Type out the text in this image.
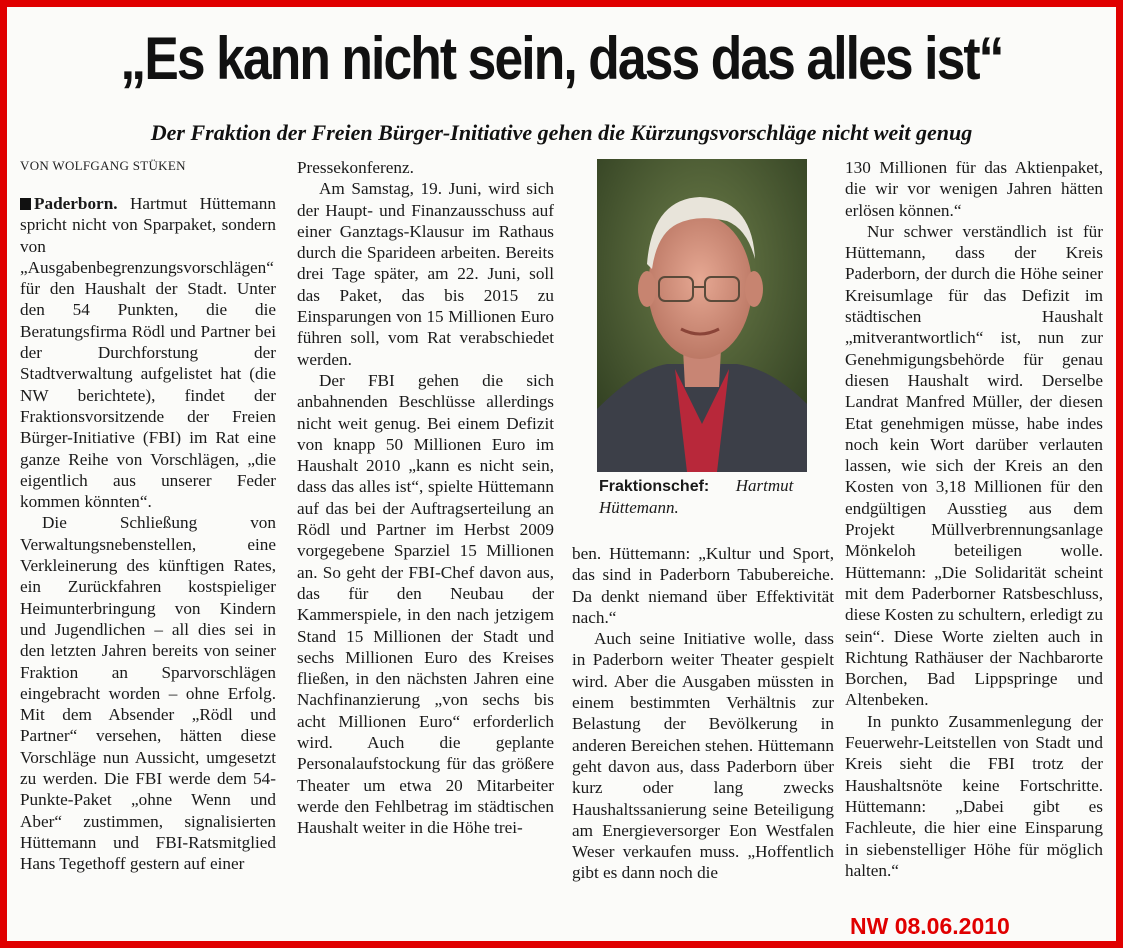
„Es kann nicht sein, dass das alles ist“
Der Fraktion der Freien Bürger-Initiative gehen die Kürzungsvorschläge nicht weit genug
VON WOLFGANG STÜKEN

Paderborn. Hartmut Hüttemann spricht nicht von Sparpaket, sondern von „Ausgabenbegrenzungsvorschlägen“ für den Haushalt der Stadt. Unter den 54 Punkten, die die Beratungsfirma Rödl und Partner bei der Durchforstung der Stadtverwaltung aufgelistet hat (die NW berichtete), findet der Fraktionsvorsitzende der Freien Bürger-Initiative (FBI) im Rat eine ganze Reihe von Vorschlägen, „die eigentlich aus unserer Feder kommen könnten“.

Die Schließung von Verwaltungsnebenstellen, eine Verkleinerung des künftigen Rates, ein Zurückfahren kostspieliger Heimunterbringung von Kindern und Jugendlichen – all dies sei in den letzten Jahren bereits von seiner Fraktion an Sparvorschlägen eingebracht worden – ohne Erfolg. Mit dem Absender „Rödl und Partner“ versehen, hätten diese Vorschläge nun Aussicht, umgesetzt zu werden. Die FBI werde dem 54-Punkte-Paket „ohne Wenn und Aber“ zustimmen, signalisierten Hüttemann und FBI-Ratsmitglied Hans Tegethoff gestern auf einer

Pressekonferenz.

Am Samstag, 19. Juni, wird sich der Haupt- und Finanzausschuss auf einer Ganztags-Klausur im Rathaus durch die Sparideen arbeiten. Bereits drei Tage später, am 22. Juni, soll das Paket, das bis 2015 zu Einsparungen von 15 Millionen Euro führen soll, vom Rat verabschiedet werden.

Der FBI gehen die sich anbahnenden Beschlüsse allerdings nicht weit genug. Bei einem Defizit von knapp 50 Millionen Euro im Haushalt 2010 „kann es nicht sein, dass das alles ist“, spielte Hüttemann auf das bei der Auftragserteilung an Rödl und Partner im Herbst 2009 vorgegebene Sparziel 15 Millionen an. So geht der FBI-Chef davon aus, das für den Neubau der Kammerspiele, in den nach jetzigem Stand 15 Millionen der Stadt und sechs Millionen Euro des Kreises fließen, in den nächsten Jahren eine Nachfinanzierung „von sechs bis acht Millionen Euro“ erforderlich wird. Auch die geplante Personalaufstockung für das größere Theater um etwa 20 Mitarbeiter werde den Fehlbetrag im städtischen Haushalt weiter in die Höhe trei-

Fraktionschef: Hartmut Hüttemann.

ben. Hüttemann: „Kultur und Sport, das sind in Paderborn Tabubereiche. Da denkt niemand über Effektivität nach.“

Auch seine Initiative wolle, dass in Paderborn weiter Theater gespielt wird. Aber die Ausgaben müssten in einem bestimmten Verhältnis zur Belastung der Bevölkerung in anderen Bereichen stehen. Hüttemann geht davon aus, dass Paderborn über kurz oder lang zwecks Haushaltssanierung seine Beteiligung am Energieversorger Eon Westfalen Weser verkaufen muss. „Hoffentlich gibt es dann noch die

130 Millionen für das Aktienpaket, die wir vor wenigen Jahren hätten erlösen können.“

Nur schwer verständlich ist für Hüttemann, dass der Kreis Paderborn, der durch die Höhe seiner Kreisumlage für das Defizit im städtischen Haushalt „mitverantwortlich“ ist, nun zur Genehmigungsbehörde für genau diesen Haushalt wird. Derselbe Landrat Manfred Müller, der diesen Etat genehmigen müsse, habe indes noch kein Wort darüber verlauten lassen, wie sich der Kreis an den Kosten von 3,18 Millionen für den endgültigen Ausstieg aus dem Projekt Müllverbrennungsanlage Mönkeloh beteiligen wolle. Hüttemann: „Die Solidarität scheint mit dem Paderborner Ratsbeschluss, diese Kosten zu schultern, erledigt zu sein“. Diese Worte zielten auch in Richtung Rathäuser der Nachbarorte Borchen, Bad Lippspringe und Altenbeken.

In punkto Zusammenlegung der Feuerwehr-Leitstellen von Stadt und Kreis sieht die FBI trotz der Haushaltsnöte keine Fortschritte. Hüttemann: „Dabei gibt es Fachleute, die hier eine Einsparung in siebenstelliger Höhe für möglich halten.“

NW 08.06.2010
